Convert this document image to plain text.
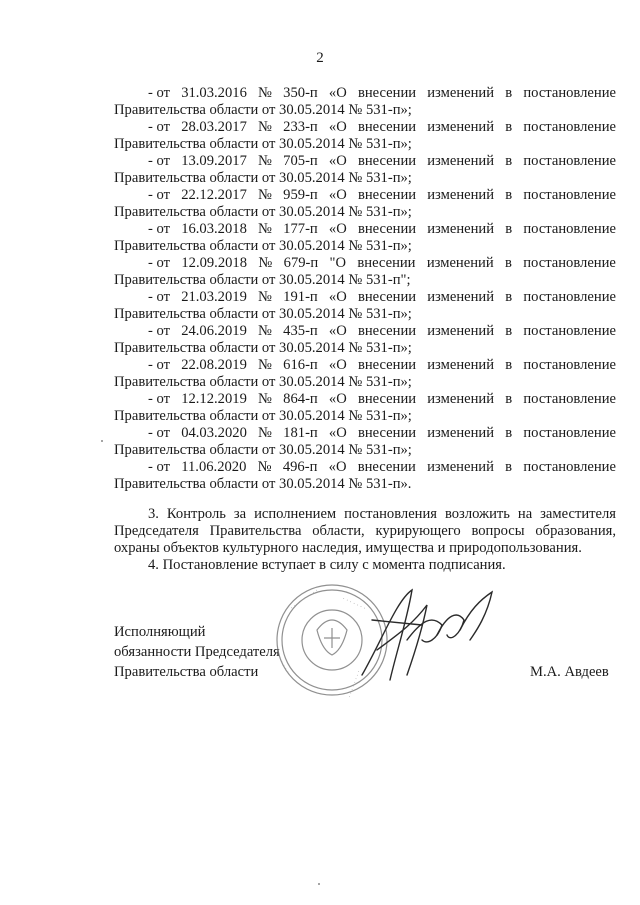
2
- от 31.03.2016 № 350-п «О внесении изменений в постановление
Правительства области от 30.05.2014 № 531-п»;
- от 28.03.2017 № 233-п «О внесении изменений в постановление
Правительства области от 30.05.2014 № 531-п»;
- от 13.09.2017 № 705-п «О внесении изменений в постановление
Правительства области от 30.05.2014 № 531-п»;
- от 22.12.2017 № 959-п «О внесении изменений в постановление
Правительства области от 30.05.2014 № 531-п»;
- от 16.03.2018 № 177-п «О внесении изменений в постановление
Правительства области от 30.05.2014 № 531-п»;
- от 12.09.2018 № 679-п "О внесении изменений в постановление
Правительства области от 30.05.2014 № 531-п";
- от 21.03.2019 № 191-п «О внесении изменений в постановление
Правительства области от 30.05.2014 № 531-п»;
- от 24.06.2019 № 435-п «О внесении изменений в постановление
Правительства области от 30.05.2014 № 531-п»;
- от 22.08.2019 № 616-п «О внесении изменений в постановление
Правительства области от 30.05.2014 № 531-п»;
- от 12.12.2019 № 864-п «О внесении изменений в постановление
Правительства области от 30.05.2014 № 531-п»;
- от 04.03.2020 № 181-п «О внесении изменений в постановление
Правительства области от 30.05.2014 № 531-п»;
- от 11.06.2020 № 496-п «О внесении изменений в постановление
Правительства области от 30.05.2014 № 531-п».
3. Контроль за исполнением постановления возложить на заместителя Председателя Правительства области, курирующего вопросы образования, охраны объектов культурного наследия, имущества и природопользования.
4. Постановление вступает в силу с момента подписания.
Исполняющий
обязанности Председателя
Правительства области	М.А. Авдеев
· · · · · · · · ·	· · · · · · ·
· · · · · · · ·
· · · · · · ·
